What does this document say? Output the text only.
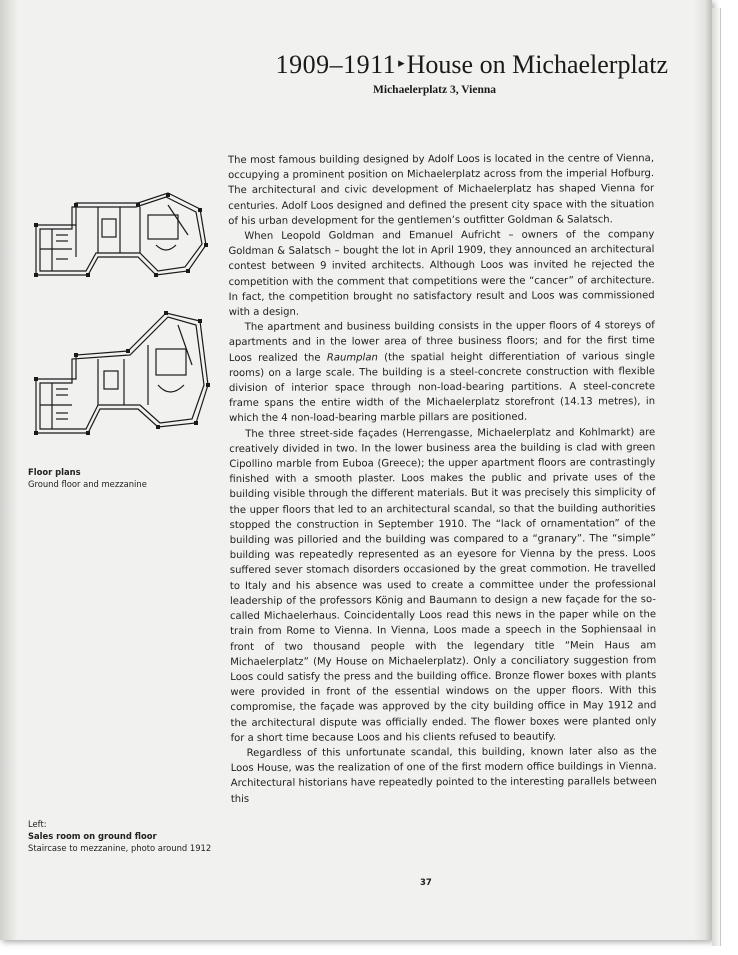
1909–1911 ▸House on Michaelerplatz
Michaelerplatz 3, Vienna
Floor plans
Ground floor and mezzanine

The most famous building designed by Adolf Loos is located in the centre of Vienna, occupying a prominent position on Michaelerplatz across from the imperial Hofburg. The architectural and civic development of Michaelerplatz has shaped Vienna for centuries. Adolf Loos designed and defined the present city space with the situation of his urban development for the gentlemen’s outfitter Goldman & Salatsch.

When Leopold Goldman and Emanuel Aufricht – owners of the company Goldman & Salatsch – bought the lot in April 1909, they announced an architectural contest between 9 invited architects. Although Loos was invited he rejected the competition with the comment that competitions were the “cancer” of architecture. In fact, the competition brought no satisfactory result and Loos was commissioned with a design.

The apartment and business building consists in the upper floors of 4 storeys of apartments and in the lower area of three business floors; and for the first time Loos realized the Raumplan (the spatial height differentiation of various single rooms) on a large scale. The building is a steel-concrete construction with flexible division of interior space through non-load-bearing partitions. A steel-concrete frame spans the entire width of the Michaelerplatz storefront (14.13 metres), in which the 4 non-load-bearing marble pillars are positioned.

The three street-side façades (Herrengasse, Michaelerplatz and Kohlmarkt) are creatively divided in two. In the lower business area the building is clad with green Cipollino marble from Euboa (Greece); the upper apartment floors are contrastingly finished with a smooth plaster. Loos makes the public and private uses of the building visible through the different materials. But it was precisely this simplicity of the upper floors that led to an architectural scandal, so that the building authorities stopped the construction in September 1910. The “lack of ornamentation” of the building was pilloried and the building was compared to a “granary”. The “simple” building was repeatedly represented as an eyesore for Vienna by the press. Loos suffered sever stomach disorders occasioned by the great commotion. He travelled to Italy and his absence was used to create a committee under the professional leadership of the professors König and Baumann to design a new façade for the so-called Michaelerhaus. Coincidentally Loos read this news in the paper while on the train from Rome to Vienna. In Vienna, Loos made a speech in the Sophiensaal in front of two thousand people with the legendary title “Mein Haus am Michaelerplatz” (My House on Michaelerplatz). Only a conciliatory suggestion from Loos could satisfy the press and the building office. Bronze flower boxes with plants were provided in front of the essential windows on the upper floors. With this compromise, the façade was approved by the city building office in May 1912 and the architectural dispute was officially ended. The flower boxes were planted only for a short time because Loos and his clients refused to beautify.

Regardless of this unfortunate scandal, this building, known later also as the Loos House, was the realization of one of the first modern office buildings in Vienna. Architectural historians have repeatedly pointed to the interesting parallels between this

Left:
Sales room on ground floor
Staircase to mezzanine, photo around 1912
37
